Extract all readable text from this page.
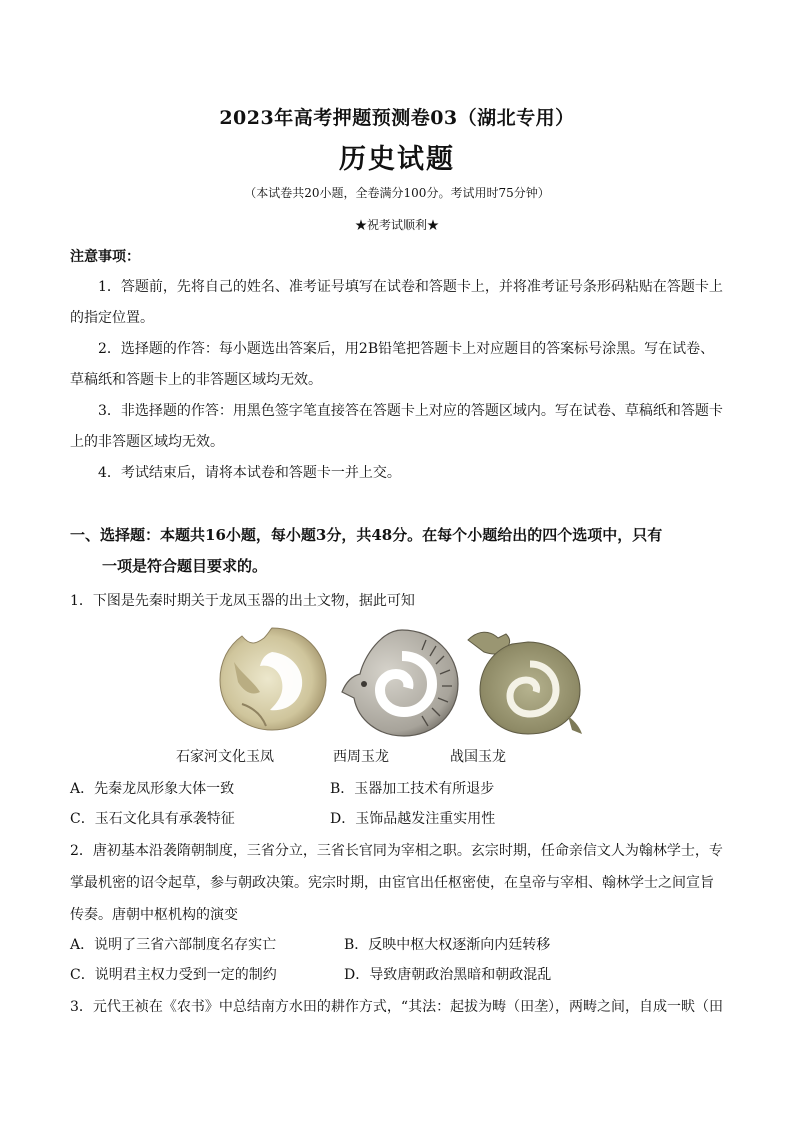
2023年高考押题预测卷03（湖北专用）
历史试题
（本试卷共20小题，全卷满分100分。考试用时75分钟）
★祝考试顺利★
注意事项：
1．答题前，先将自己的姓名、准考证号填写在试卷和答题卡上，并将准考证号条形码粘贴在答题卡上
的指定位置。
2．选择题的作答：每小题选出答案后，用2B铅笔把答题卡上对应题目的答案标号涂黑。写在试卷、
草稿纸和答题卡上的非答题区域均无效。
3．非选择题的作答：用黑色签字笔直接答在答题卡上对应的答题区域内。写在试卷、草稿纸和答题卡
上的非答题区域均无效。
4．考试结束后，请将本试卷和答题卡一并上交。
一、选择题：本题共16小题，每小题3分，共48分。在每个小题给出的四个选项中，只有
一项是符合题目要求的。
1．下图是先秦时期关于龙凤玉器的出土文物，据此可知
石家河文化玉凤	西周玉龙	战国玉龙
A．先秦龙凤形象大体一致	B．玉器加工技术有所退步
C．玉石文化具有承袭特征	D．玉饰品越发注重实用性
2．唐初基本沿袭隋朝制度，三省分立，三省长官同为宰相之职。玄宗时期，任命亲信文人为翰林学士，专
掌最机密的诏令起草，参与朝政决策。宪宗时期，由宦官出任枢密使，在皇帝与宰相、翰林学士之间宣旨
传奏。唐朝中枢机构的演变
A．说明了三省六部制度名存实亡	B．反映中枢大权逐渐向内廷转移
C．说明君主权力受到一定的制约	D．导致唐朝政治黑暗和朝政混乱
3．元代王祯在《农书》中总结南方水田的耕作方式，“其法：起拔为畴（田垄），两畴之间，自成一畎（田
